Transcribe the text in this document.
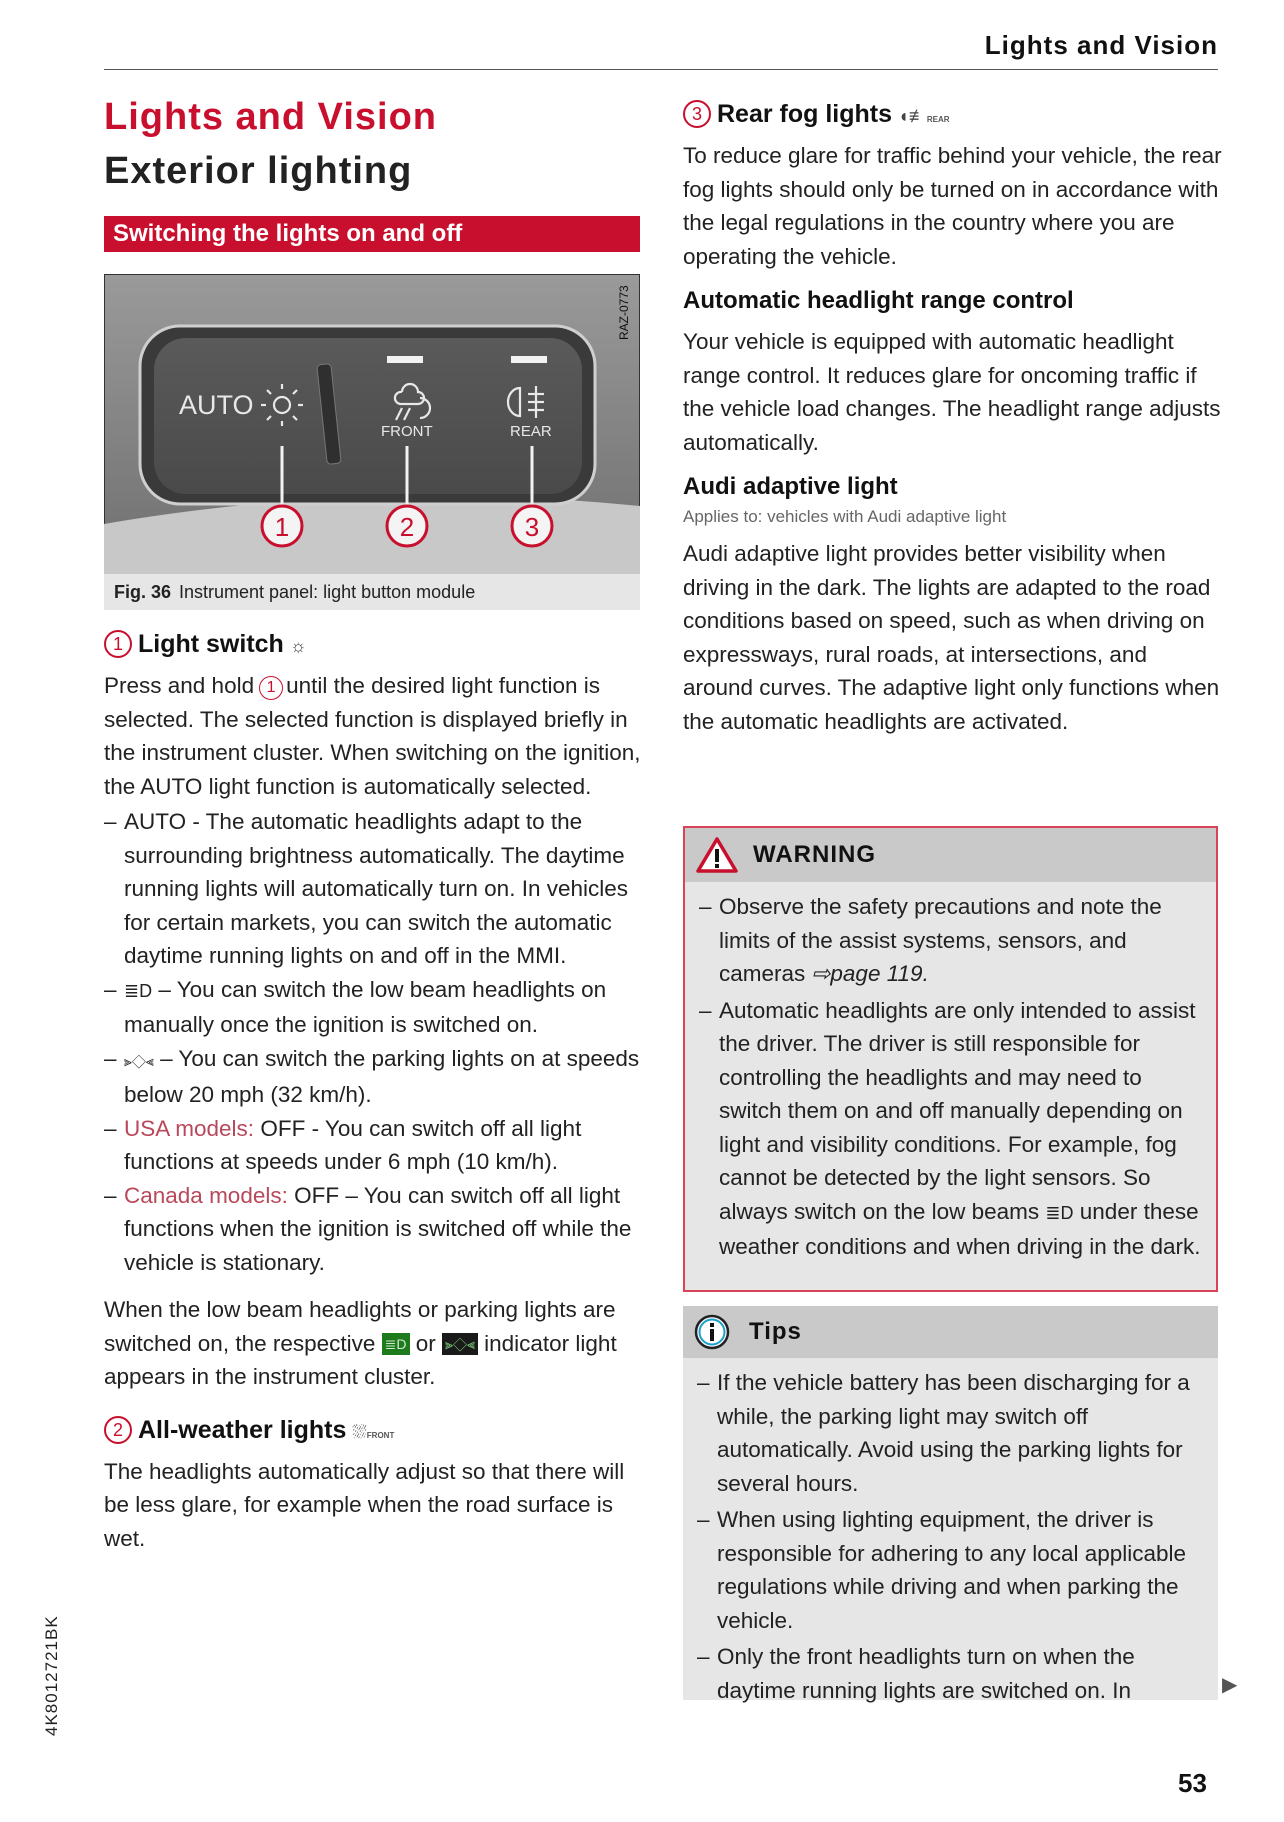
Lights and Vision
Lights and Vision
Exterior lighting
Switching the lights on and off
AUTO
FRONT	REAR
1	2	3
RAZ-0773
Fig. 36 Instrument panel: light button module
1 Light switch ☼
Press and hold 1 until the desired light function is selected. The selected function is displayed briefly in the instrument cluster. When switching on the ignition, the AUTO light function is automatically selected.
– AUTO - The automatic headlights adapt to the surrounding brightness automatically. The daytime running lights will automatically turn on. In vehicles for certain markets, you can switch the automatic daytime running lights on and off in the MMI.
– ≣D – You can switch the low beam headlights on manually once the ignition is switched on.
– ⫸◇⫷ – You can switch the parking lights on at speeds below 20 mph (32 km/h).
– USA models: OFF - You can switch off all light functions at speeds under 6 mph (10 km/h).
– Canada models: OFF – You can switch off all light functions when the ignition is switched off while the vehicle is stationary.
When the low beam headlights or parking lights are switched on, the respective ≣D or ⫸◇⫷ indicator light appears in the instrument cluster.
2 All-weather lights ⛆FRONT
The headlights automatically adjust so that there will be less glare, for example when the road surface is wet.
3 Rear fog lights ◖≢REAR
To reduce glare for traffic behind your vehicle, the rear fog lights should only be turned on in accordance with the legal regulations in the country where you are operating the vehicle.
Automatic headlight range control
Your vehicle is equipped with automatic headlight range control. It reduces glare for oncoming traffic if the vehicle load changes. The headlight range adjusts automatically.
Audi adaptive light
Applies to: vehicles with Audi adaptive light
Audi adaptive light provides better visibility when driving in the dark. The lights are adapted to the road conditions based on speed, such as when driving on expressways, rural roads, at intersections, and around curves. The adaptive light only functions when the automatic headlights are activated.
WARNING
– Observe the safety precautions and note the limits of the assist systems, sensors, and cameras ⇨page 119.
– Automatic headlights are only intended to assist the driver. The driver is still responsible for controlling the headlights and may need to switch them on and off manually depending on light and visibility conditions. For example, fog cannot be detected by the light sensors. So always switch on the low beams ≣D under these weather conditions and when driving in the dark.
Tips
– If the vehicle battery has been discharging for a while, the parking light may switch off automatically. Avoid using the parking lights for several hours.
– When using lighting equipment, the driver is responsible for adhering to any local applicable regulations while driving and when parking the vehicle.
– Only the front headlights turn on when the daytime running lights are switched on. In	▶
4K8012721BK
53
